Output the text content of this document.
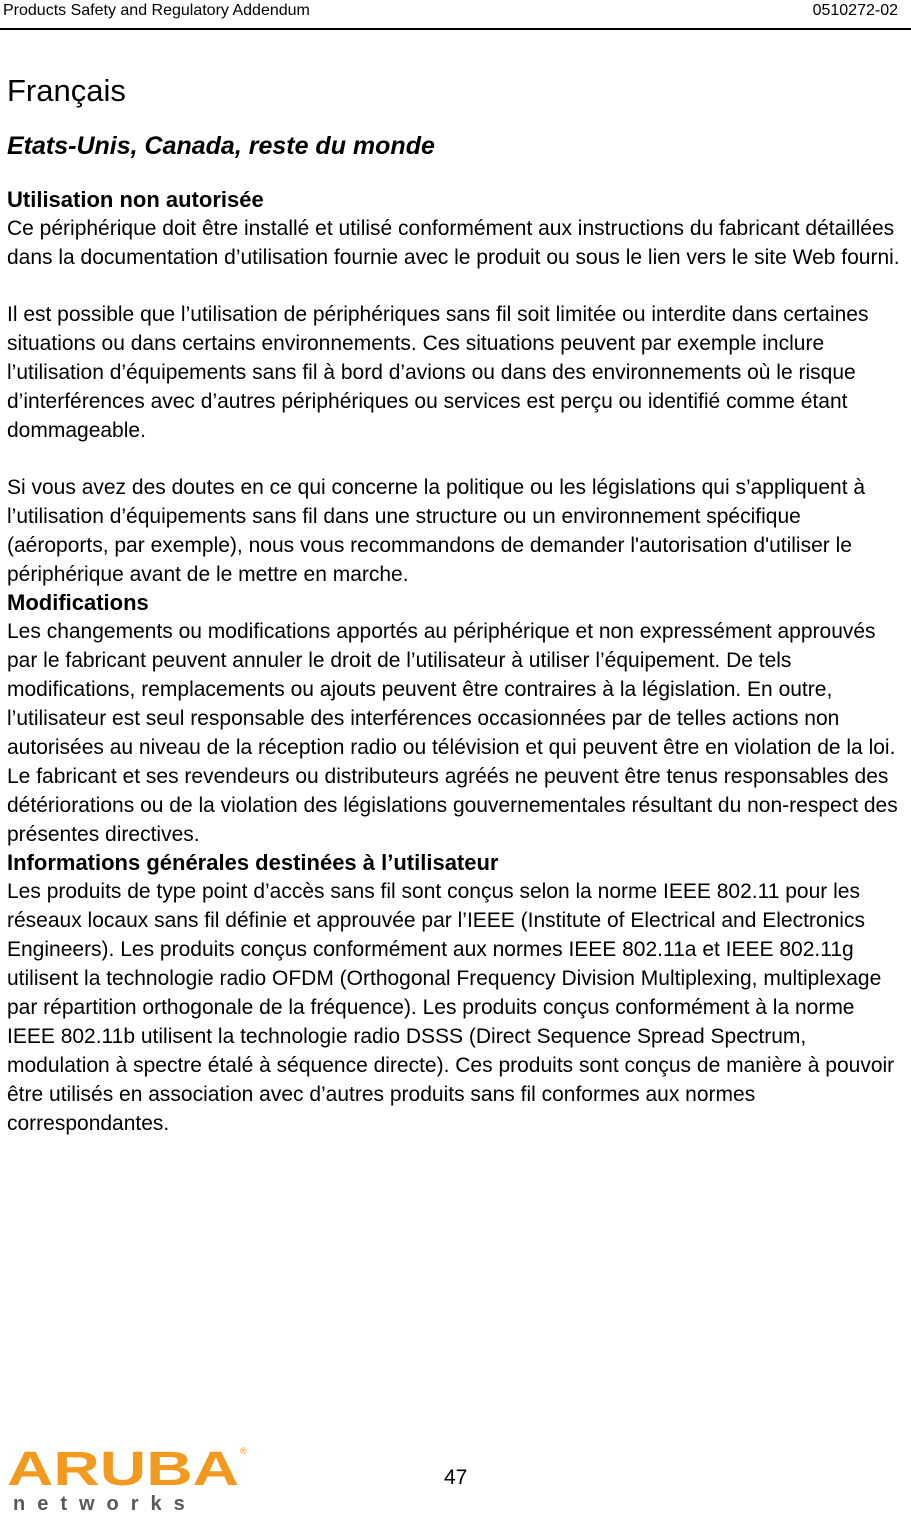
Products Safety and Regulatory Addendum	0510272-02
Français
Etats-Unis, Canada, reste du monde
Utilisation non autorisée

Ce périphérique doit être installé et utilisé conformément aux instructions du fabricant détaillées dans la documentation d’utilisation fournie avec le produit ou sous le lien vers le site Web fourni.

Il est possible que l’utilisation de périphériques sans fil soit limitée ou interdite dans certaines situations ou dans certains environnements. Ces situations peuvent par exemple inclure l’utilisation d’équipements sans fil à bord d’avions ou dans des environnements où le risque d’interférences avec d’autres périphériques ou services est perçu ou identifié comme étant dommageable.

Si vous avez des doutes en ce qui concerne la politique ou les législations qui s’appliquent à l’utilisation d’équipements sans fil dans une structure ou un environnement spécifique (aéroports, par exemple), nous vous recommandons de demander l'autorisation d'utiliser le périphérique avant de le mettre en marche.

Modifications

Les changements ou modifications apportés au périphérique et non expressément approuvés par le fabricant peuvent annuler le droit de l’utilisateur à utiliser l’équipement. De tels modifications, remplacements ou ajouts peuvent être contraires à la législation. En outre, l’utilisateur est seul responsable des interférences occasionnées par de telles actions non autorisées au niveau de la réception radio ou télévision et qui peuvent être en violation de la loi. Le fabricant et ses revendeurs ou distributeurs agréés ne peuvent être tenus responsables des détériorations ou de la violation des législations gouvernementales résultant du non-respect des présentes directives.

Informations générales destinées à l’utilisateur

Les produits de type point d’accès sans fil sont conçus selon la norme IEEE 802.11 pour les réseaux locaux sans fil définie et approuvée par l’IEEE (Institute of Electrical and Electronics Engineers). Les produits conçus conformément aux normes IEEE 802.11a et IEEE 802.11g utilisent la technologie radio OFDM (Orthogonal Frequency Division Multiplexing, multiplexage par répartition orthogonale de la fréquence). Les produits conçus conformément à la norme IEEE 802.11b utilisent la technologie radio DSSS (Direct Sequence Spread Spectrum, modulation à spectre étalé à séquence directe). Ces produits sont conçus de manière à pouvoir être utilisés en association avec d’autres produits sans fil conformes aux normes correspondantes.

ARUBA ®
networks
47
